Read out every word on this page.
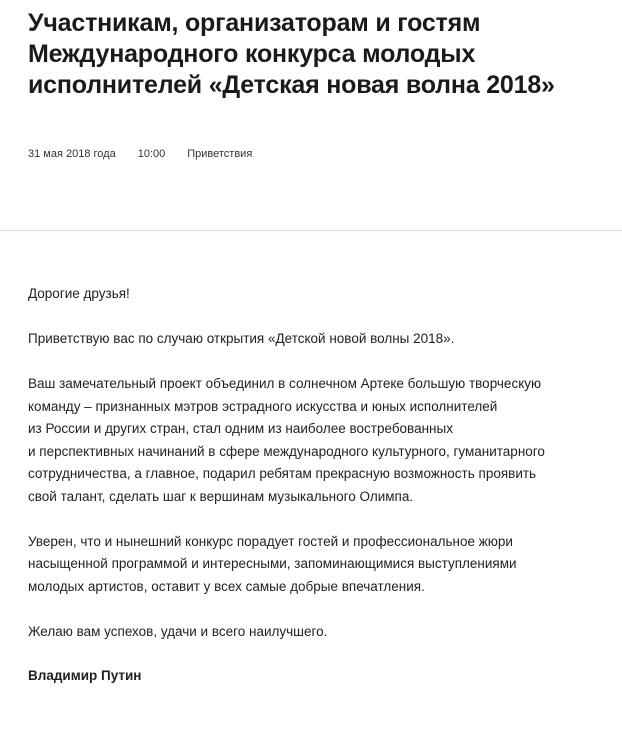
Участникам, организаторам и гостям Международного конкурса молодых исполнителей «Детская новая волна 2018»
31 мая 2018 года 10:00 Приветствия

Дорогие друзья!

Приветствую вас по случаю открытия «Детской новой волны 2018».

Ваш замечательный проект объединил в солнечном Артеке большую творческую
команду – признанных мэтров эстрадного искусства и юных исполнителей
из России и других стран, стал одним из наиболее востребованных
и перспективных начинаний в сфере международного культурного, гуманитарного
сотрудничества, а главное, подарил ребятам прекрасную возможность проявить
свой талант, сделать шаг к вершинам музыкального Олимпа.

Уверен, что и нынешний конкурс порадует гостей и профессиональное жюри
насыщенной программой и интересными, запоминающимися выступлениями
молодых артистов, оставит у всех самые добрые впечатления.

Желаю вам успехов, удачи и всего наилучшего.

Владимир Путин
